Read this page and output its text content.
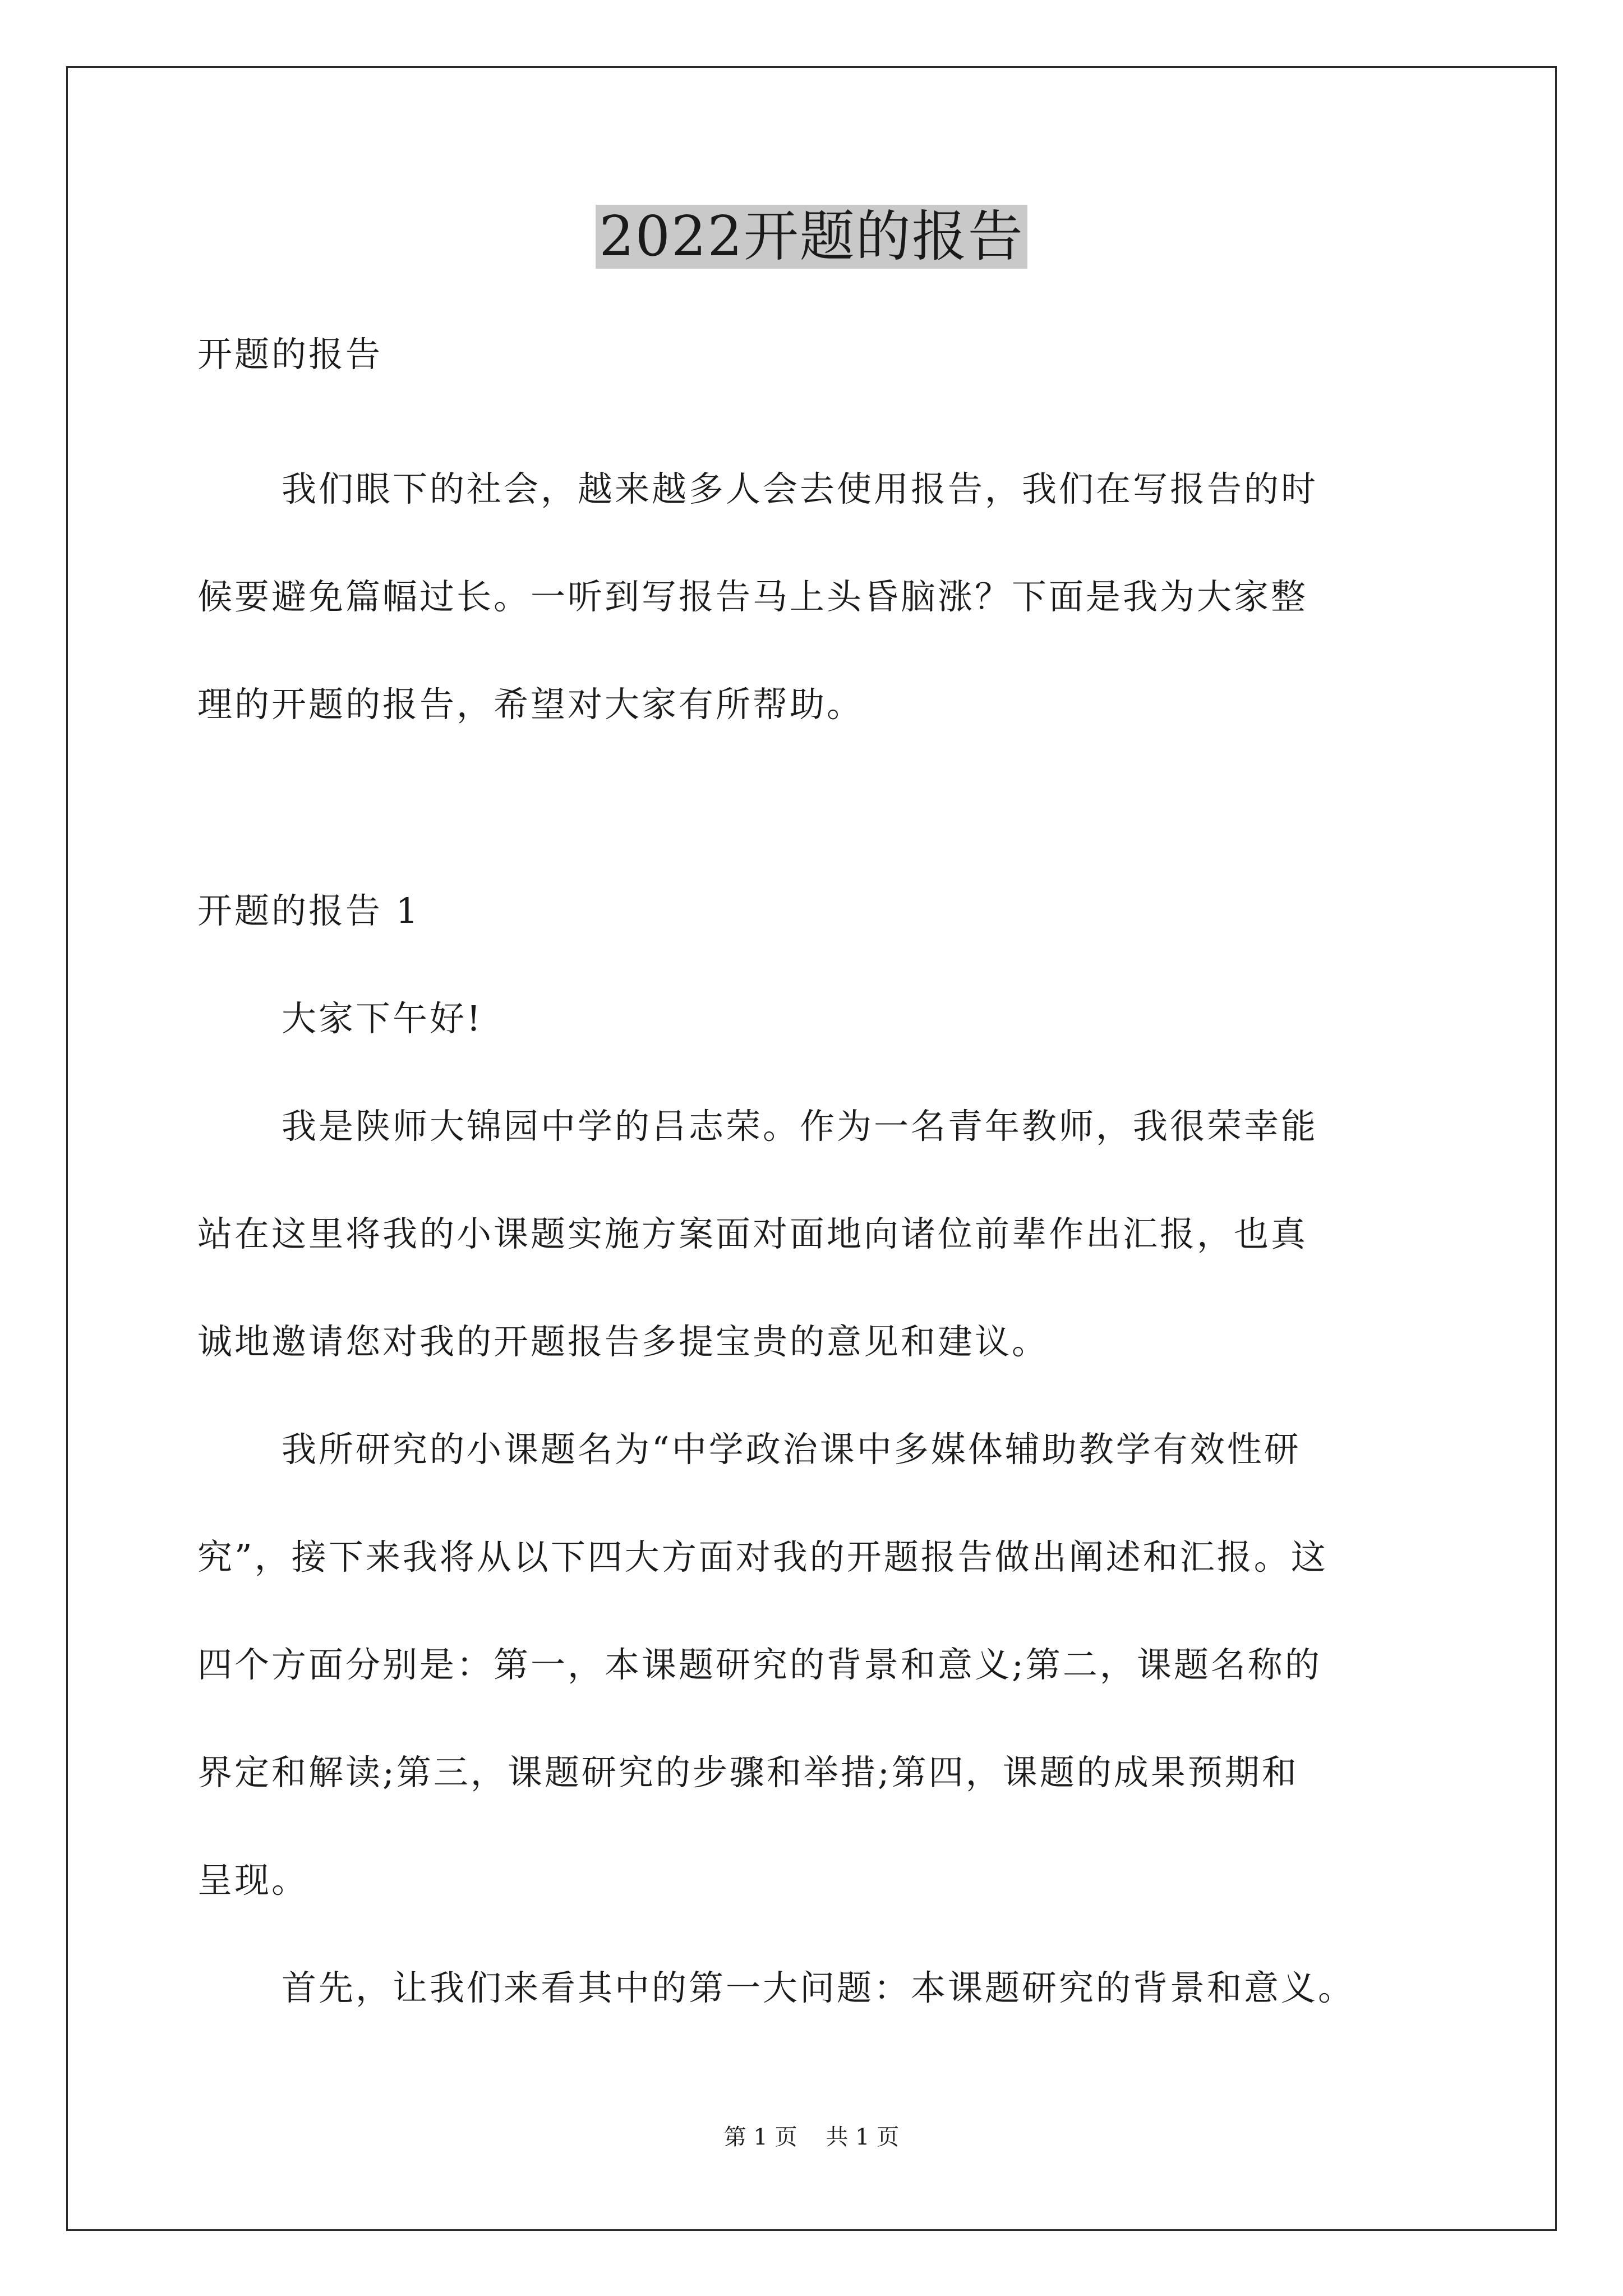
2022开题的报告
开题的报告
我们眼下的社会，越来越多人会去使用报告，我们在写报告的时
候要避免篇幅过长。一听到写报告马上头昏脑涨？下面是我为大家整
理的开题的报告，希望对大家有所帮助。
开题的报告 1
大家下午好!
我是陕师大锦园中学的吕志荣。作为一名青年教师，我很荣幸能
站在这里将我的小课题实施方案面对面地向诸位前辈作出汇报，也真
诚地邀请您对我的开题报告多提宝贵的意见和建议。
我所研究的小课题名为“中学政治课中多媒体辅助教学有效性研
究”，接下来我将从以下四大方面对我的开题报告做出阐述和汇报。这
四个方面分别是：第一，本课题研究的背景和意义;第二，课题名称的
界定和解读;第三，课题研究的步骤和举措;第四，课题的成果预期和
呈现。
首先，让我们来看其中的第一大问题：本课题研究的背景和意义。
第 1 页    共 1 页
